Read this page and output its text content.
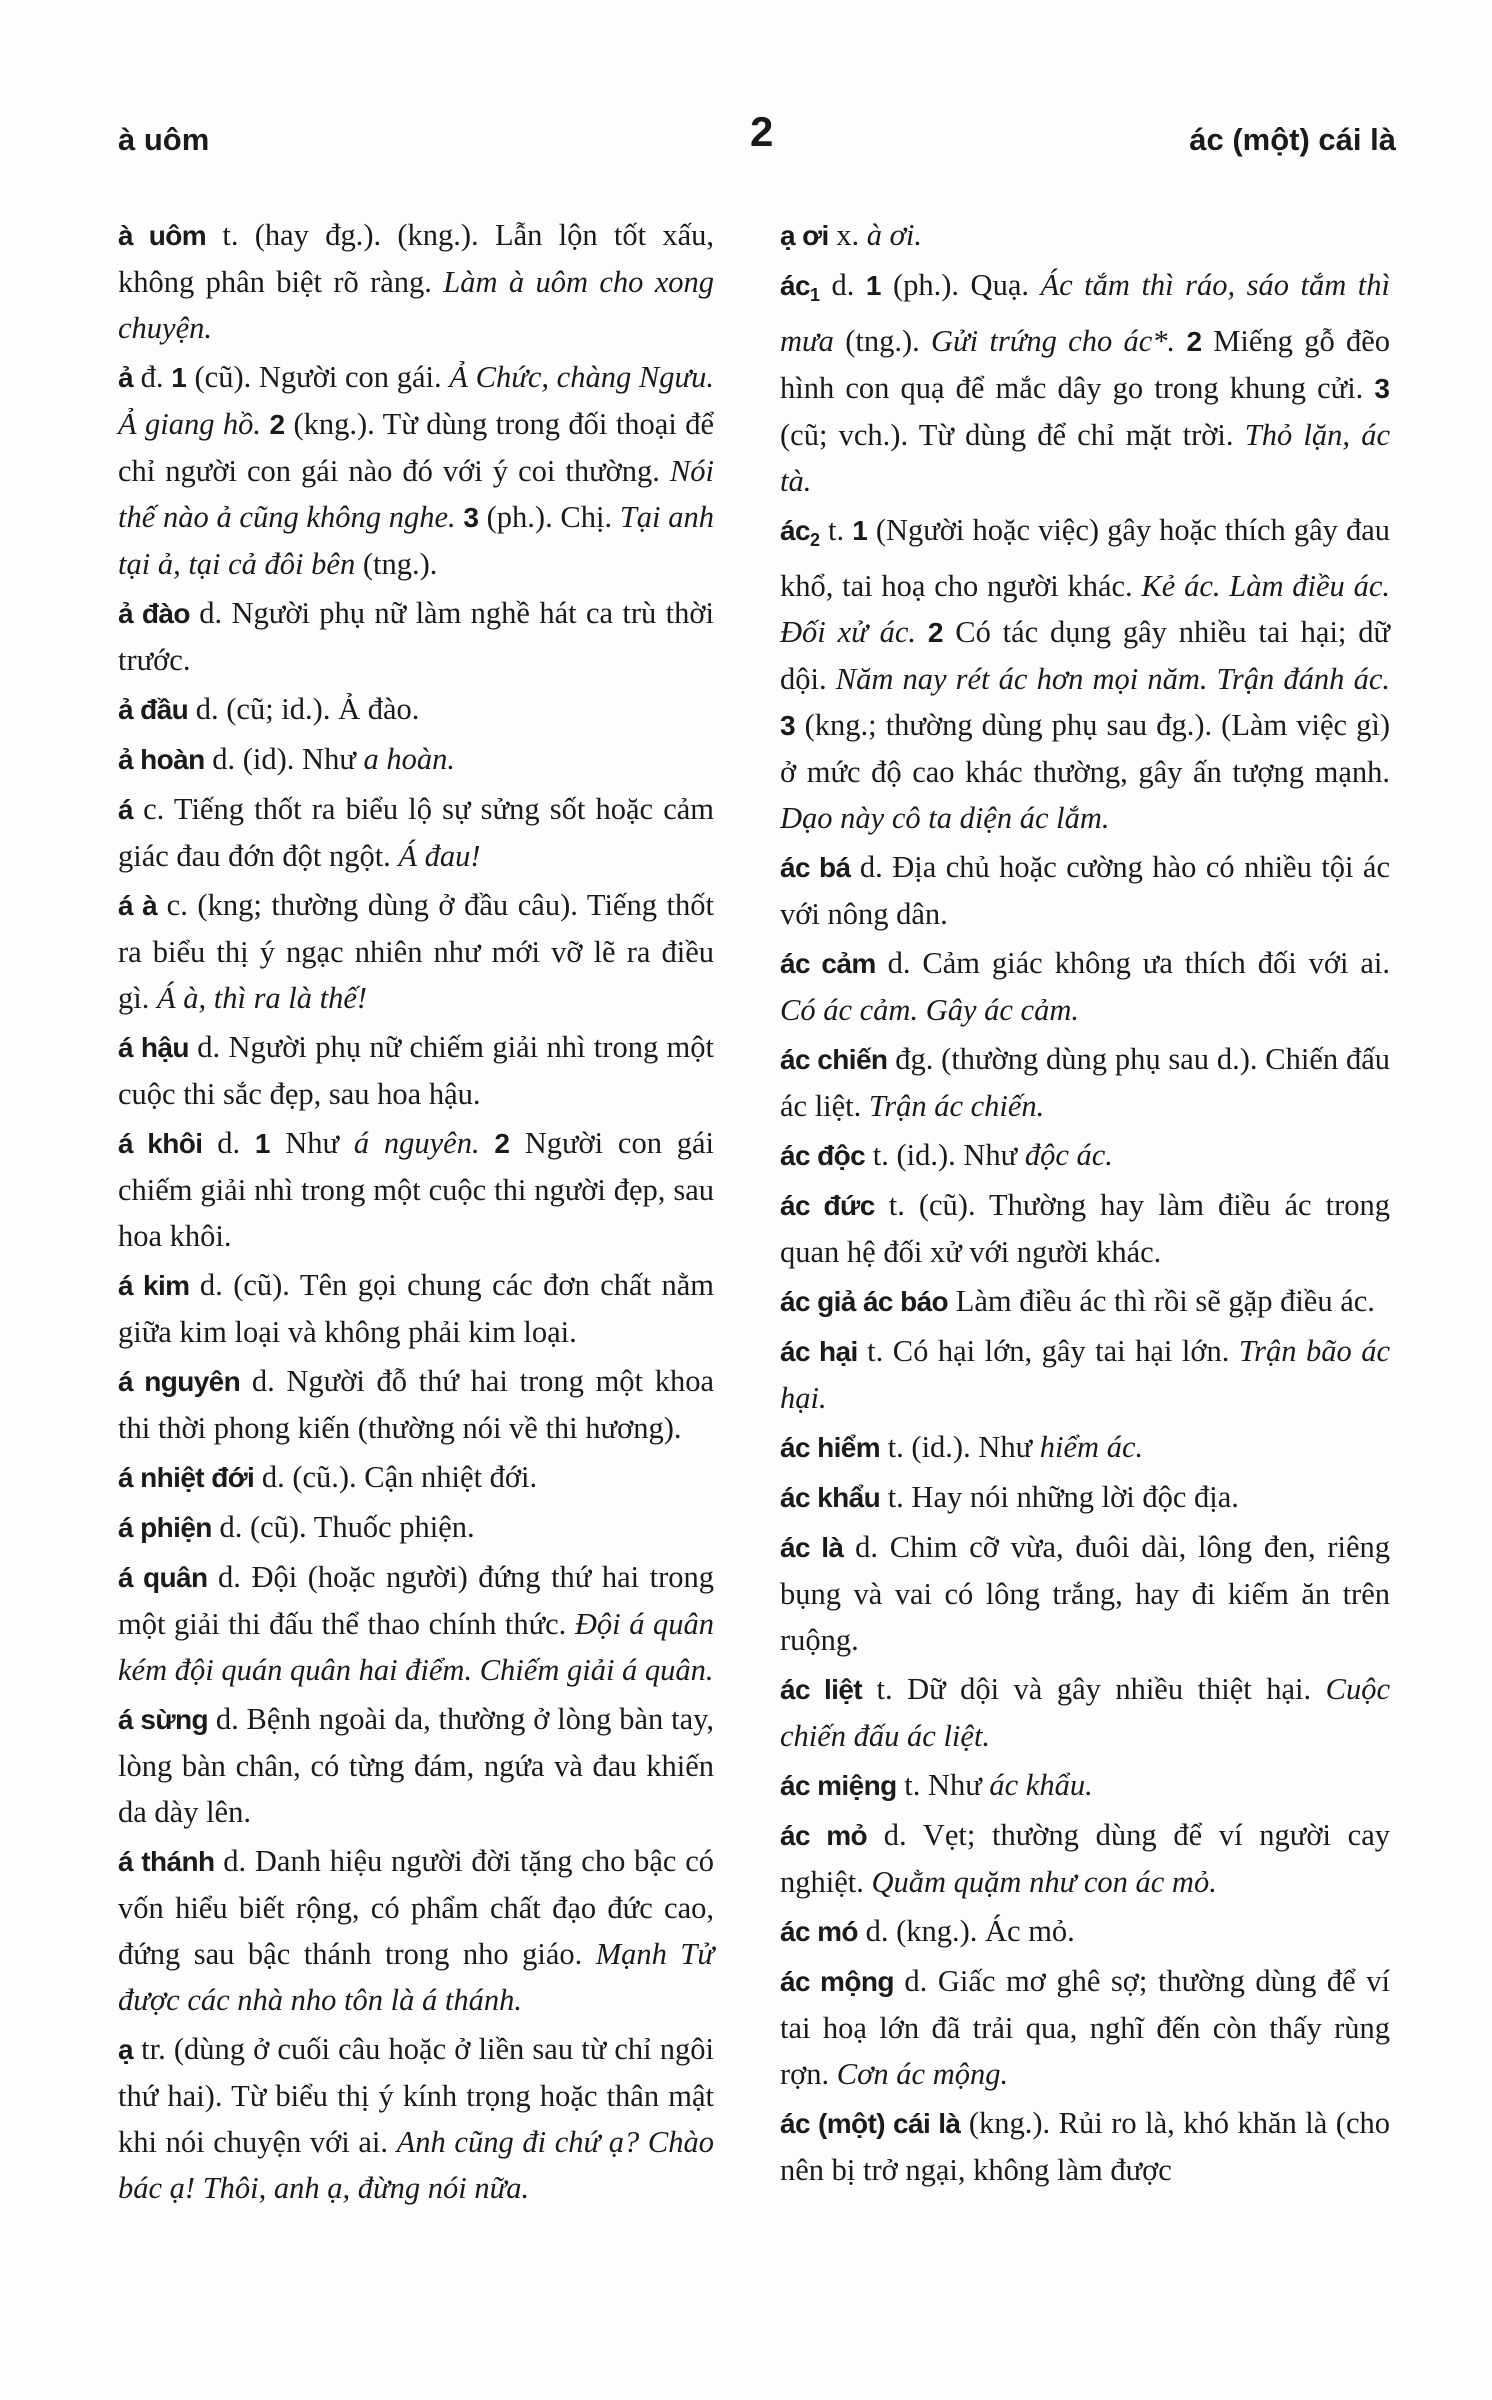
à uôm	2	ác (một) cái là
à uôm t. (hay đg.). (kng.). Lẫn lộn tốt xấu, không phân biệt rõ ràng. Làm à uôm cho xong chuyện.
ả đ. 1 (cũ). Người con gái. Ả Chức, chàng Ngưu. Ả giang hồ. 2 (kng.). Từ dùng trong đối thoại để chỉ người con gái nào đó với ý coi thường. Nói thế nào ả cũng không nghe. 3 (ph.). Chị. Tại anh tại ả, tại cả đôi bên (tng.).
ả đào d. Người phụ nữ làm nghề hát ca trù thời trước.
ả đầu d. (cũ; id.). Ả đào.
ả hoàn d. (id). Như a hoàn.
á c. Tiếng thốt ra biểu lộ sự sửng sốt hoặc cảm giác đau đớn đột ngột. Á đau!
á à c. (kng; thường dùng ở đầu câu). Tiếng thốt ra biểu thị ý ngạc nhiên như mới vỡ lẽ ra điều gì. Á à, thì ra là thế!
á hậu d. Người phụ nữ chiếm giải nhì trong một cuộc thi sắc đẹp, sau hoa hậu.
á khôi d. 1 Như á nguyên. 2 Người con gái chiếm giải nhì trong một cuộc thi người đẹp, sau hoa khôi.
á kim d. (cũ). Tên gọi chung các đơn chất nằm giữa kim loại và không phải kim loại.
á nguyên d. Người đỗ thứ hai trong một khoa thi thời phong kiến (thường nói về thi hương).
á nhiệt đới d. (cũ.). Cận nhiệt đới.
á phiện d. (cũ). Thuốc phiện.
á quân d. Đội (hoặc người) đứng thứ hai trong một giải thi đấu thể thao chính thức. Đội á quân kém đội quán quân hai điểm. Chiếm giải á quân.
á sừng d. Bệnh ngoài da, thường ở lòng bàn tay, lòng bàn chân, có từng đám, ngứa và đau khiến da dày lên.
á thánh d. Danh hiệu người đời tặng cho bậc có vốn hiểu biết rộng, có phẩm chất đạo đức cao, đứng sau bậc thánh trong nho giáo. Mạnh Tử được các nhà nho tôn là á thánh.
ạ tr. (dùng ở cuối câu hoặc ở liền sau từ chỉ ngôi thứ hai). Từ biểu thị ý kính trọng hoặc thân mật khi nói chuyện với ai. Anh cũng đi chứ ạ? Chào bác ạ! Thôi, anh ạ, đừng nói nữa.
ạ ơi x. à ơi.
$ác_1$ d. 1 (ph.). Quạ. Ác tắm thì ráo, sáo tắm thì mưa (tng.). Gửi trứng cho ác*. 2 Miếng gỗ đẽo hình con quạ để mắc dây go trong khung cửi. 3 (cũ; vch.). Từ dùng để chỉ mặt trời. Thỏ lặn, ác tà.
$ác_2$ t. 1 (Người hoặc việc) gây hoặc thích gây đau khổ, tai hoạ cho người khác. Kẻ ác. Làm điều ác. Đối xử ác. 2 Có tác dụng gây nhiều tai hại; dữ dội. Năm nay rét ác hơn mọi năm. Trận đánh ác. 3 (kng.; thường dùng phụ sau đg.). (Làm việc gì) ở mức độ cao khác thường, gây ấn tượng mạnh. Dạo này cô ta diện ác lắm.
ác bá d. Địa chủ hoặc cường hào có nhiều tội ác với nông dân.
ác cảm d. Cảm giác không ưa thích đối với ai. Có ác cảm. Gây ác cảm.
ác chiến đg. (thường dùng phụ sau d.). Chiến đấu ác liệt. Trận ác chiến.
ác độc t. (id.). Như độc ác.
ác đức t. (cũ). Thường hay làm điều ác trong quan hệ đối xử với người khác.
ác giả ác báo Làm điều ác thì rồi sẽ gặp điều ác.
ác hại t. Có hại lớn, gây tai hại lớn. Trận bão ác hại.
ác hiểm t. (id.). Như hiểm ác.
ác khẩu t. Hay nói những lời độc địa.
ác là d. Chim cỡ vừa, đuôi dài, lông đen, riêng bụng và vai có lông trắng, hay đi kiếm ăn trên ruộng.
ác liệt t. Dữ dội và gây nhiều thiệt hại. Cuộc chiến đấu ác liệt.
ác miệng t. Như ác khẩu.
ác mỏ d. Vẹt; thường dùng để ví người cay nghiệt. Quằm quặm như con ác mỏ.
ác mó d. (kng.). Ác mỏ.
ác mộng d. Giấc mơ ghê sợ; thường dùng để ví tai hoạ lớn đã trải qua, nghĩ đến còn thấy rùng rợn. Cơn ác mộng.
ác (một) cái là (kng.). Rủi ro là, khó khăn là (cho nên bị trở ngại, không làm được
